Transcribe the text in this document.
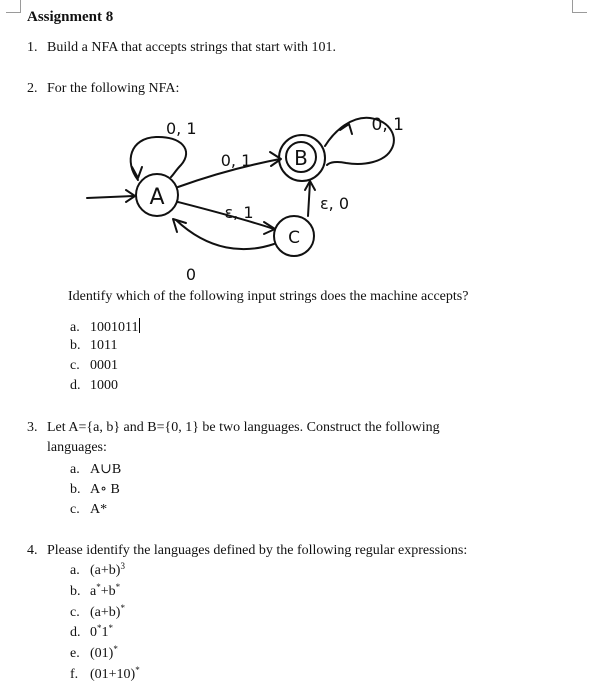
Assignment 8
1. Build a NFA that accepts strings that start with 101.
2. For the following NFA:
A
0, 1
B
0, 1
0, 1
C
ε, 1	ε, 0
0
Identify which of the following input strings does the machine accepts?
a. 1001011
b. 1011
c. 0001
d. 1000
3. Let A={a, b} and B={0, 1} be two languages. Construct the following
languages:
a. A∪B
b. A∘ B
c. A*
4. Please identify the languages defined by the following regular expressions:
a. $(a+b)^3$
b. a*+b*
c. (a+b)*
d. 0*1*
e. (01)*
f. (01+10)*
